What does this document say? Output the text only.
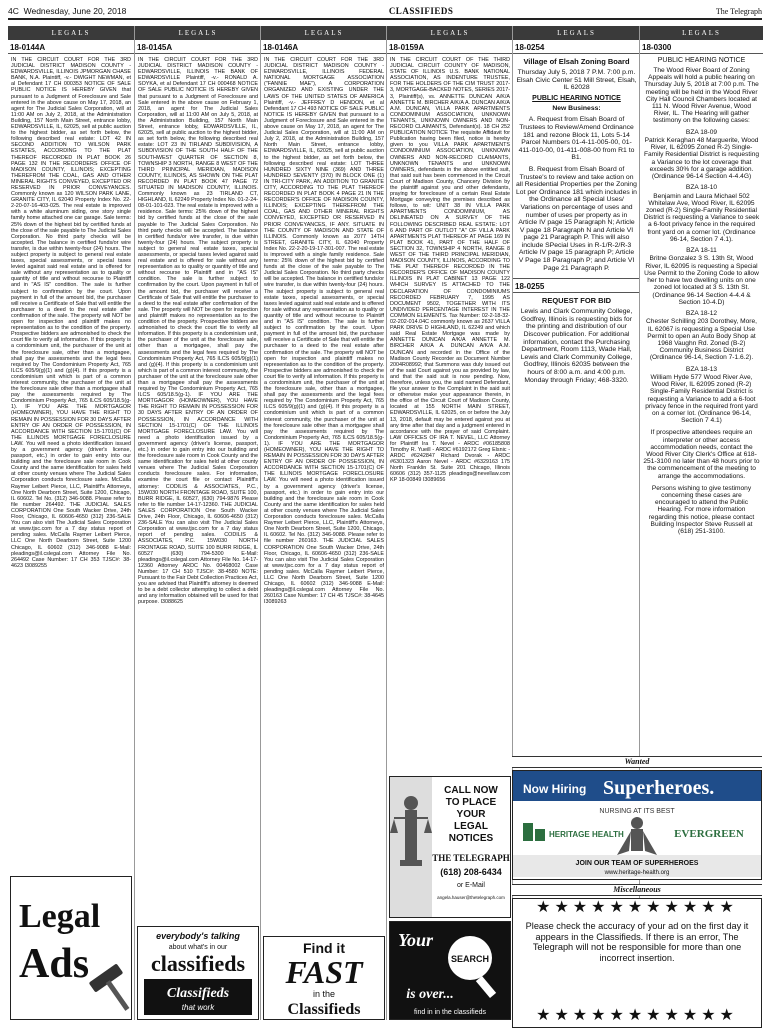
4C Wednesday, June 20, 2018	CLASSIFIEDS	The Telegraph
LEGALS
18-0144A
IN THE CIRCUIT COURT FOR THE 3RD JUDICIAL DISTRICT MADISON COUNTY - EDWARDSVILLE, ILLINOIS JPMORGAN CHASE BANK, N.A. Plaintiff, -v.- DWIGHT NEWMAN, et al Defendant 17 CH 000353 NOTICE OF SALE PUBLIC NOTICE IS HEREBY GIVEN that pursuant to a Judgment of Foreclosure and Sale entered in the above cause on May 17, 2018, an agent for The Judicial Sales Corporation, will at 11:00 AM on July 2, 2018, at the Administration Building, 157 North Main Street, entrance lobby, EDWARDSVILLE, IL, 62025, sell at public auction to the highest bidder, as set forth below, the following described real estate: LOT 42 IN SECOND ADDITION TO WILSON PARK ESTATES, ACCORDING TO THE PLAT THEREOF RECORDED IN PLAT BOOK 26 PAGE 132 IN THE RECORDERS OFFICE OF MADISON COUNTY, ILLINOIS; EXCEPTING THEREFROM THE COAL, GAS AND OTHER MINERAL RIGHTS CONVEYED, EXCEPTED OR RESERVED IN PRIOR CONVEYANCES. Commonly known as 120 WILSON PARK LANE, GRANITE CITY, IL 62040 Property Index No. 22-2-20-07-16-403-025. The real estate is improved with a white aluminum siding, one story single family home attached one car garage. Sale terms: 25% down of the highest bid by certified funds at the close of the sale payable to The Judicial Sales Corporation. No third party checks will be accepted. The balance in certified funds/or wire transfer, is due within twenty-four (24) hours. The subject property is subject to general real estate taxes, special assessments, or special taxes levied against said real estate and is offered for sale without any representation as to quality or quantity of title and without recourse to Plaintiff and in "AS IS" condition. The sale is further subject to confirmation by the court. Upon payment in full of the amount bid, the purchaser will receive a Certificate of Sale that will entitle the purchaser to a deed to the real estate after confirmation of the sale. The property will NOT be open for inspection and plaintiff makes no representation as to the condition of the property. Prospective bidders are admonished to check the court file to verify all information. If this property is a condominium unit, the purchaser of the unit at the foreclosure sale, other than a mortgagee, shall pay the assessments and the legal fees required by The Condominium Property Act, 765 ILCS 605/9(g)(1) and (g)(4). If this property is a condominium unit which is part of a common interest community, the purchaser of the unit at the foreclosure sale other than a mortgagee shall pay the assessments required by The Condominium Property Act, 765 ILCS 605/18.5(g-1). IF YOU ARE THE MORTGAGOR (HOMEOWNER), YOU HAVE THE RIGHT TO REMAIN IN POSSESSION FOR 30 DAYS AFTER ENTRY OF AN ORDER OF POSSESSION, IN ACCORDANCE WITH SECTION 15-1701(C) OF THE ILLINOIS MORTGAGE FORECLOSURE LAW. You will need a photo identification issued by a government agency (driver's license, passport, etc.) in order to gain entry into our building and the foreclosure sale room in Cook County and the same identification for sales held at other county venues where The Judicial Sales Corporation conducts foreclosure sales. McCalla Raymer Leibert Pierce, LLC, Plaintiff's Attorneys, One North Dearborn Street, Suite 1200, Chicago, IL 60602. Tel No. (312) 346-9088. Please refer to file number 264492. THE JUDICIAL SALES CORPORATION One South Wacker Drive, 24th Floor, Chicago, IL 60606-4650 (312) 236-SALE You can also visit The Judicial Sales Corporation at www.tjsc.com for a 7 day status report of pending sales. McCalla Raymer Leibert Pierce, LLC One North Dearborn Street, Suite 1200 Chicago, IL 60602 (312) 346-9088 E-Mail: pleadings@il.cslegal.com Attorney File No. 264492 Case Number: 17 CH 353 TJSC#: 38-4623 I3089255
Legal
Ads
LEGALS
18-0145A
IN THE CIRCUIT COURT FOR THE 3RD JUDICIAL DISTRICT MADISON COUNTY - EDWARDSVILLE, ILLINOIS THE BANK OF EDWARDSVILLE Plaintiff, -v.- RONALD A. SOYKA, et al Defendant 17 CH 000468 NOTICE OF SALE PUBLIC NOTICE IS HEREBY GIVEN that pursuant to a Judgment of Foreclosure and Sale entered in the above cause on February 1, 2018, an agent for The Judicial Sales Corporation, will at 11:00 AM on July 5, 2018, at the Administration Building, 157 North Main Street, entrance lobby, EDWARDSVILLE, IL, 62025, sell at public auction to the highest bidder, as set forth below, the following described real estate: LOT 23 IN TIRLAND SUBDIVISION, A SUBDIVISION OF THE SOUTH HALF OF THE SOUTHWEST QUARTER OF SECTION 8, TOWNSHIP 3 NORTH, RANGE 8 WEST OF THE THIRD PRINCIPAL MERIDIAN, MADISON COUNTY, ILLINOIS, AS SHOWN ON THE PLAT RECORDED IN PLAT BOOK 47 PAGE 72 SITUATED IN MADISON COUNTY, ILLINOIS. Commonly known as 23 TIRLAND CT, HIGHLAND, IL 62249 Property Index No. 01-2-24-08-01-101-023. The real estate is improved with a residence. Sale terms: 25% down of the highest bid by certified funds at the close of the sale payable to The Judicial Sales Corporation. No third party checks will be accepted. The balance in certified funds/or wire transfer, is due within twenty-four (24) hours. The subject property is subject to general real estate taxes, special assessments, or special taxes levied against said real estate and is offered for sale without any representation as to quality or quantity of title and without recourse to Plaintiff and in "AS IS" condition. The sale is further subject to confirmation by the court. Upon payment in full of the amount bid, the purchaser will receive a Certificate of Sale that will entitle the purchaser to a deed to the real estate after confirmation of the sale. The property will NOT be open for inspection and plaintiff makes no representation as to the condition of the property. Prospective bidders are admonished to check the court file to verify all information. If this property is a condominium unit, the purchaser of the unit at the foreclosure sale, other than a mortgagee, shall pay the assessments and the legal fees required by The Condominium Property Act, 765 ILCS 605/9(g)(1) and (g)(4). If this property is a condominium unit which is part of a common interest community, the purchaser of the unit at the foreclosure sale other than a mortgagee shall pay the assessments required by The Condominium Property Act, 765 ILCS 605/18.5(g-1). IF YOU ARE THE MORTGAGOR (HOMEOWNER), YOU HAVE THE RIGHT TO REMAIN IN POSSESSION FOR 30 DAYS AFTER ENTRY OF AN ORDER OF POSSESSION, IN ACCORDANCE WITH SECTION 15-1701(C) OF THE ILLINOIS MORTGAGE FORECLOSURE LAW. You will need a photo identification issued by a government agency (driver's license, passport, etc.) in order to gain entry into our building and the foreclosure sale room in Cook County and the same identification for sales held at other county venues where The Judicial Sales Corporation conducts foreclosure sales. For information, examine the court file or contact Plaintiff's attorney: CODILIS & ASSOCIATES, P.C., 15W030 NORTH FRONTAGE ROAD, SUITE 100, BURR RIDGE, IL 60527, (630) 794-9876 Please refer to file number 14-17-12360. THE JUDICIAL SALES CORPORATION One South Wacker Drive, 24th Floor, Chicago, IL 60606-4650 (312) 236-SALE You can also visit The Judicial Sales Corporation at www.tjsc.com for a 7 day status report of pending sales. CODILIS & ASSOCIATES, P.C. 15W030 NORTH FRONTAGE ROAD, SUITE 100 BURR RIDGE, IL 60527 (630) 794-5300 E-Mail: pleadings@il.cslegal.com Attorney File No. 14-17-12360 Attorney ARDC No. 00468002 Case Number: 17 CH 510 TJSC#: 38-4580 NOTE: Pursuant to the Fair Debt Collection Practices Act, you are advised that Plaintiff's attorney is deemed to be a debt collector attempting to collect a debt and any information obtained will be used for that purpose. I3088625
everybody's talking
about what's in our
classifieds
Classifieds
that work
LEGALS
18-0146A
IN THE CIRCUIT COURT FOR THE 3RD JUDICIAL DISTRICT MADISON COUNTY - EDWARDSVILLE, ILLINOIS FEDERAL NATIONAL MORTGAGE ASSOCIATION ("FANNIE MAE"), A CORPORATION ORGANIZED AND EXISTING UNDER THE LAWS OF THE UNITED STATES OF AMERICA Plaintiff, -v.- JEFFREY D HENDON, et al Defendant 17 CH 493 NOTICE OF SALE PUBLIC NOTICE IS HEREBY GIVEN that pursuant to a Judgment of Foreclosure and Sale entered in the above cause on May 17, 2018, an agent for The Judicial Sales Corporation, will at 11:00 AM on July 2, 2018, at the Administration Building, 157 North Main Street, entrance lobby, EDWARDSVILLE, IL, 62025, sell at public auction to the highest bidder, as set forth below, the following described real estate: LOT THREE HUNDRED SIXTY NINE (369) AND THREE HUNDRED SEVENTY (370) IN BLOCK ONE (1) IN TRI-CITY PARK, AN ADDITION TO GRANITE CITY, ACCORDING TO THE PLAT THEREOF RECORDED IN PLAT BOOK 4 PAGE 21 IN THE RECORDER'S OFFICE OF MADISON COUNTY, ILLINOIS; EXCEPTING THEREFROM THE COAL, GAS AND OTHER MINERAL RIGHTS CONVEYED, EXCEPTED OR RESERVED IN PRIOR CONVEYANCES, IF ANY. SITUATE IN THE COUNTY OF MADISON AND STATE OF ILLINOIS. Commonly known as 2077 14TH STREET, GRANITE CITY, IL 62040 Property Index No. 22-2-20-19-17-301-007. The real estate is improved with a single family residence. Sale terms: 25% down of the highest bid by certified funds at the close of the sale payable to The Judicial Sales Corporation. No third party checks will be accepted. The balance in certified funds/or wire transfer, is due within twenty-four (24) hours. The subject property is subject to general real estate taxes, special assessments, or special taxes levied against said real estate and is offered for sale without any representation as to quality or quantity of title and without recourse to Plaintiff and in "AS IS" condition. The sale is further subject to confirmation by the court. Upon payment in full of the amount bid, the purchaser will receive a Certificate of Sale that will entitle the purchaser to a deed to the real estate after confirmation of the sale. The property will NOT be open for inspection and plaintiff makes no representation as to the condition of the property. Prospective bidders are admonished to check the court file to verify all information. If this property is a condominium unit, the purchaser of the unit at the foreclosure sale, other than a mortgagee, shall pay the assessments and the legal fees required by The Condominium Property Act, 765 ILCS 605/9(g)(1) and (g)(4). If this property is a condominium unit which is part of a common interest community, the purchaser of the unit at the foreclosure sale other than a mortgagee shall pay the assessments required by The Condominium Property Act, 765 ILCS 605/18.5(g-1). IF YOU ARE THE MORTGAGOR (HOMEOWNER), YOU HAVE THE RIGHT TO REMAIN IN POSSESSION FOR 30 DAYS AFTER ENTRY OF AN ORDER OF POSSESSION, IN ACCORDANCE WITH SECTION 15-1701(C) OF THE ILLINOIS MORTGAGE FORECLOSURE LAW. You will need a photo identification issued by a government agency (driver's license, passport, etc.) in order to gain entry into our building and the foreclosure sale room in Cook County and the same identification for sales held at other county venues where The Judicial Sales Corporation conducts foreclosure sales. McCalla Raymer Leibert Pierce, LLC, Plaintiff's Attorneys, One North Dearborn Street, Suite 1200, Chicago, IL 60602. Tel No. (312) 346-9088. Please refer to file number 260163. THE JUDICIAL SALES CORPORATION One South Wacker Drive, 24th Floor, Chicago, IL 60606-4650 (312) 236-SALE You can also visit The Judicial Sales Corporation at www.tjsc.com for a 7 day status report of pending sales. McCalla Raymer Leibert Pierce, LLC One North Dearborn Street, Suite 1200 Chicago, IL 60602 (312) 346-9088 E-Mail: pleadings@il.cslegal.com Attorney File No. 260163 Case Number: 17 CH 45 TJSC#: 38-4645 I3089263
Find it
FAST
in the
Classifieds
LEGALS
18-0159A
IN THE CIRCUIT COURT OF THE THIRD JUDICIAL CIRCUIT COUNTY OF MADISON, STATE OF ILLINOIS U.S. BANK NATIONAL ASSOCIATION, AS INDENTURE TRUSTEE, FOR THE HOLDERS OF THE CIM TRUST 2017-3, MORTGAGE-BACKED NOTES, SERIES 2017-3, Plaintiff(s), vs. ANNETTE DUNCAN A/K/A ANNETTE M. BIRCHER A/K/A A. DUNCAN A/K/A A.M. DUNCAN, VILLA PARK APARTMENTS CONDOMINIUM ASSOCIATION, UNKNOWN TENANTS, UNKNOWN OWNERS AND NON-RECORD CLAIMANTS, Defendant(s). 18 CH 252 PUBLICATION NOTICE The requisite Affidavit for Publication having been filed, notice is hereby given to you VILLA PARK APARTMENTS CONDOMINIUM ASSOCIATION, UNKNOWN OWNERS AND NON-RECORD CLAIMANTS, UNKNOWN TENANTS and UNKNOWN OWNERS, defendants in the above entitled suit, that said suit has been commenced in the Circuit Court of Madison County, Chancery Division by the plaintiff against you and other defendants, praying for foreclosure of a certain Real Estate Mortgage conveying the premises described as follows, to wit: UNIT 38 IN VILLA PARK APARTMENTS CONDOMINIUM, AS DELINEATED ON A SURVEY OF THE FOLLOWING DESCRIBED REAL ESTATE: LOT 6 AND PART OF OUTLOT "A" OF VILLA PARK APARTMENTS PLAT THEREOF AT PAGE 169 IN PLAT BOOK 41, PART OF THE HALF OF SECTION 32, TOWNSHIP 4 NORTH, RANGE 8 WEST OF THE THIRD PRINCIPAL MERIDIAN, MADISON COUNTY, ILLINOIS, ACCORDING TO THE PLAT THEREOF RECORDED IN THE RECORDER'S OFFICE OF MADISON COUNTY ILLINOIS IN PLAT CABINET 13 PAGE 122 WHICH SURVEY IS ATTACHED TO THE DECLARATION OF CONDOMINIUMS RECORDED FEBRUARY 7, 1995 AS DOCUMENT 9502, TOGETHER WITH ITS UNDIVIDED PERCENTAGE INTEREST IN THE COMMON ELEMENTS. Tax Number: 02-2-18-32-02-202-014.04C commonly known as 2637 VILLA PARK DRIVE D HIGHLAND, IL 62249 and which said Real Estate Mortgage was made by ANNETTE DUNCAN A/K/A ANNETTE M. BIRCHER A/K/A A. DUNCAN A/K/A A.M. DUNCAN and recorded in the Office of the Madison County Recorder as Document Number 2004R08992; that Summons was duly issued out of the said Court against you as provided by law, and that the said suit is now pending. Now, therefore, unless you, the said named Defendant, file your answer to the Complaint in the said suit or otherwise make your appearance therein, in the office of the Circuit Court of Madison County, located at 155 NORTH MAIN STREET, EDWARDSVILLE, IL 62025, on or before the July 13, 2018, default may be entered against you at any time after that day and a judgment entered in accordance with the prayer of said Complaint. LAW OFFICES OF IRA T. NEVEL, LLC Attorney for Plaintiff Ira T. Nevel - ARDC #06185808 Timothy R. Yueill - ARDC #6192172 Greg Elsnic - ARDC #6242847 Richard Dvorak - ARDC #6301323 Aaron Nevel - ARDC #6329163 175 North Franklin St. Suite 201 Chicago, Illinois 60606 (312) 357-1125 pleadings@nevellaw.com KP 18-00849 I3089656
CALL NOW
TO PLACE
YOUR
LEGAL
NOTICES
THE TELEGRAPH
(618) 208-6434
or E-Mail
angela.hauser@thetelegraph.com
Your
SEARCH
is over...
find in in the classifieds
LEGALS
18-0254
Village of Elsah Zoning Board
Thursday July 5, 2018 7 P.M. 7:00 p.m. Elsah Civic Center 51 Mill Street, Elsah, IL 62028
PUBLIC HEARING NOTICE
New Business:
A. Request from Elsah Board of Trustees to Review/Amend Ordinance 181 and rezone Block 11, Lots 5-14 Parcel Numbers 01-4-11-005-00, 01-411-010-00, 01-411-008-00 from R1 to B1.
B. Request from Elsah Board of Trustee's to review and take action on all Residential Properties per the Zoning Lot per Ordinance 181 which includes in the Ordinance all Special Uses/ Variations on percentage of uses and number of uses per property as in Article IV page 15 Paragraph N; Article V page 18 Paragraph N and Article VI page 21 Paragraph P. This will also include SPecial Uses in R-1/R-2/R-3 Article IV page 15 paragraph P; Article V Page 18 Paragraph P; and Article VI Page 21 Paragraph P.
18-0255
REQUEST FOR BID
Lewis and Clark Community College, Godfrey, Illinois is requesting bids for the printing and distribution of our Discover publication. For additional information, contact the Purchasing Department, Room 1113, Wade Hall, Lewis and Clark Community College, Godfrey, Illinois 62035 between the hours of 8:00 a.m. and 4:00 p.m. Monday through Friday; 468-3320.
LEGALS
18-0300
PUBLIC HEARING NOTICE
The Wood River Board of Zoning Appeals will hold a public hearing on Thursday July 5, 2018 at 7:00 p.m. The meeting will be held in the Wood River City Hall Council Chambers located at 111 N. Wood River Avenue, Wood River, IL. The Hearing will gather testimony on the following cases:
BZA 18-09
Patrick Keraghan 48 Marguerite, Wood River, IL 62095 Zoned R-2) Single-Family Residential District is requesting a Variance to the lot coverage that exceeds 30% for a garage addition. (Ordinance 96-14 Section 4-4.4G)
BZA 18-10
Benjamin and Laura Michael 502 Whitelaw Ave, Wood River, IL 62095 zoned (R-2) Single-Family Residential District is requesting a Variance to seek a 6-foot privacy fence in the required front yard on a corner lot. (Ordinance 96-14, Section 7 4.1).
BZA 18-11
Britne Gonzalez 3 S. 13th St, Wood River, IL 62095 is requesting a Special Use Permit to the Zoning Code to allow her to have two dwelling units on one zoned lot located at 3 S. 13th St. (Ordinance 96-14 Section 4-4.4 & Section 10-4.D)
BZA 18-12
Chester Schilling 203 Dorothey, More, IL 62067 is requesting a Special Use Permit to open an Auto Body Shop at 1968 Vaughn Rd. Zoned (B-2) Community Business District (Ordinance 96-14, Section 7-1.6.2).
BZA 18-13
William Hyde 577 Wood River Ave, Wood River, IL 62095 zoned (R-2) Single-Family Residential District is requesting a Variance to add a 6-foot privacy fence in the required front yard on a corner lot. (Ordinance 96-14, Section 7 4.1)
If prospective attendees require an interpreter or other access accommodation needs, contact the Wood River City Clerk's Office at 618-251-3100 no later than 48 hours prior to the commencement of the meeting to arrange the accommodations.
Persons wishing to give testimony concerning these cases are encouraged to attend the Public Hearing. For more information regarding this notice, please contact Building Inspector Steve Russell at (618) 251-3100.
Wanted
Now Hiring Superheroes.
NURSING AT ITS BEST
HERITAGE HEALTH	EVERGREEN
JOIN OUR TEAM OF SUPERHEROES
www.heritage-health.org
Miscellaneous
★★★★★★★★★★★
Please check the accuracy of your ad on the first day it appears in the Classifieds. If there is an error, The Telegraph will not be responsible for more than one incorrect insertion.
★★★★★★★★★★★
